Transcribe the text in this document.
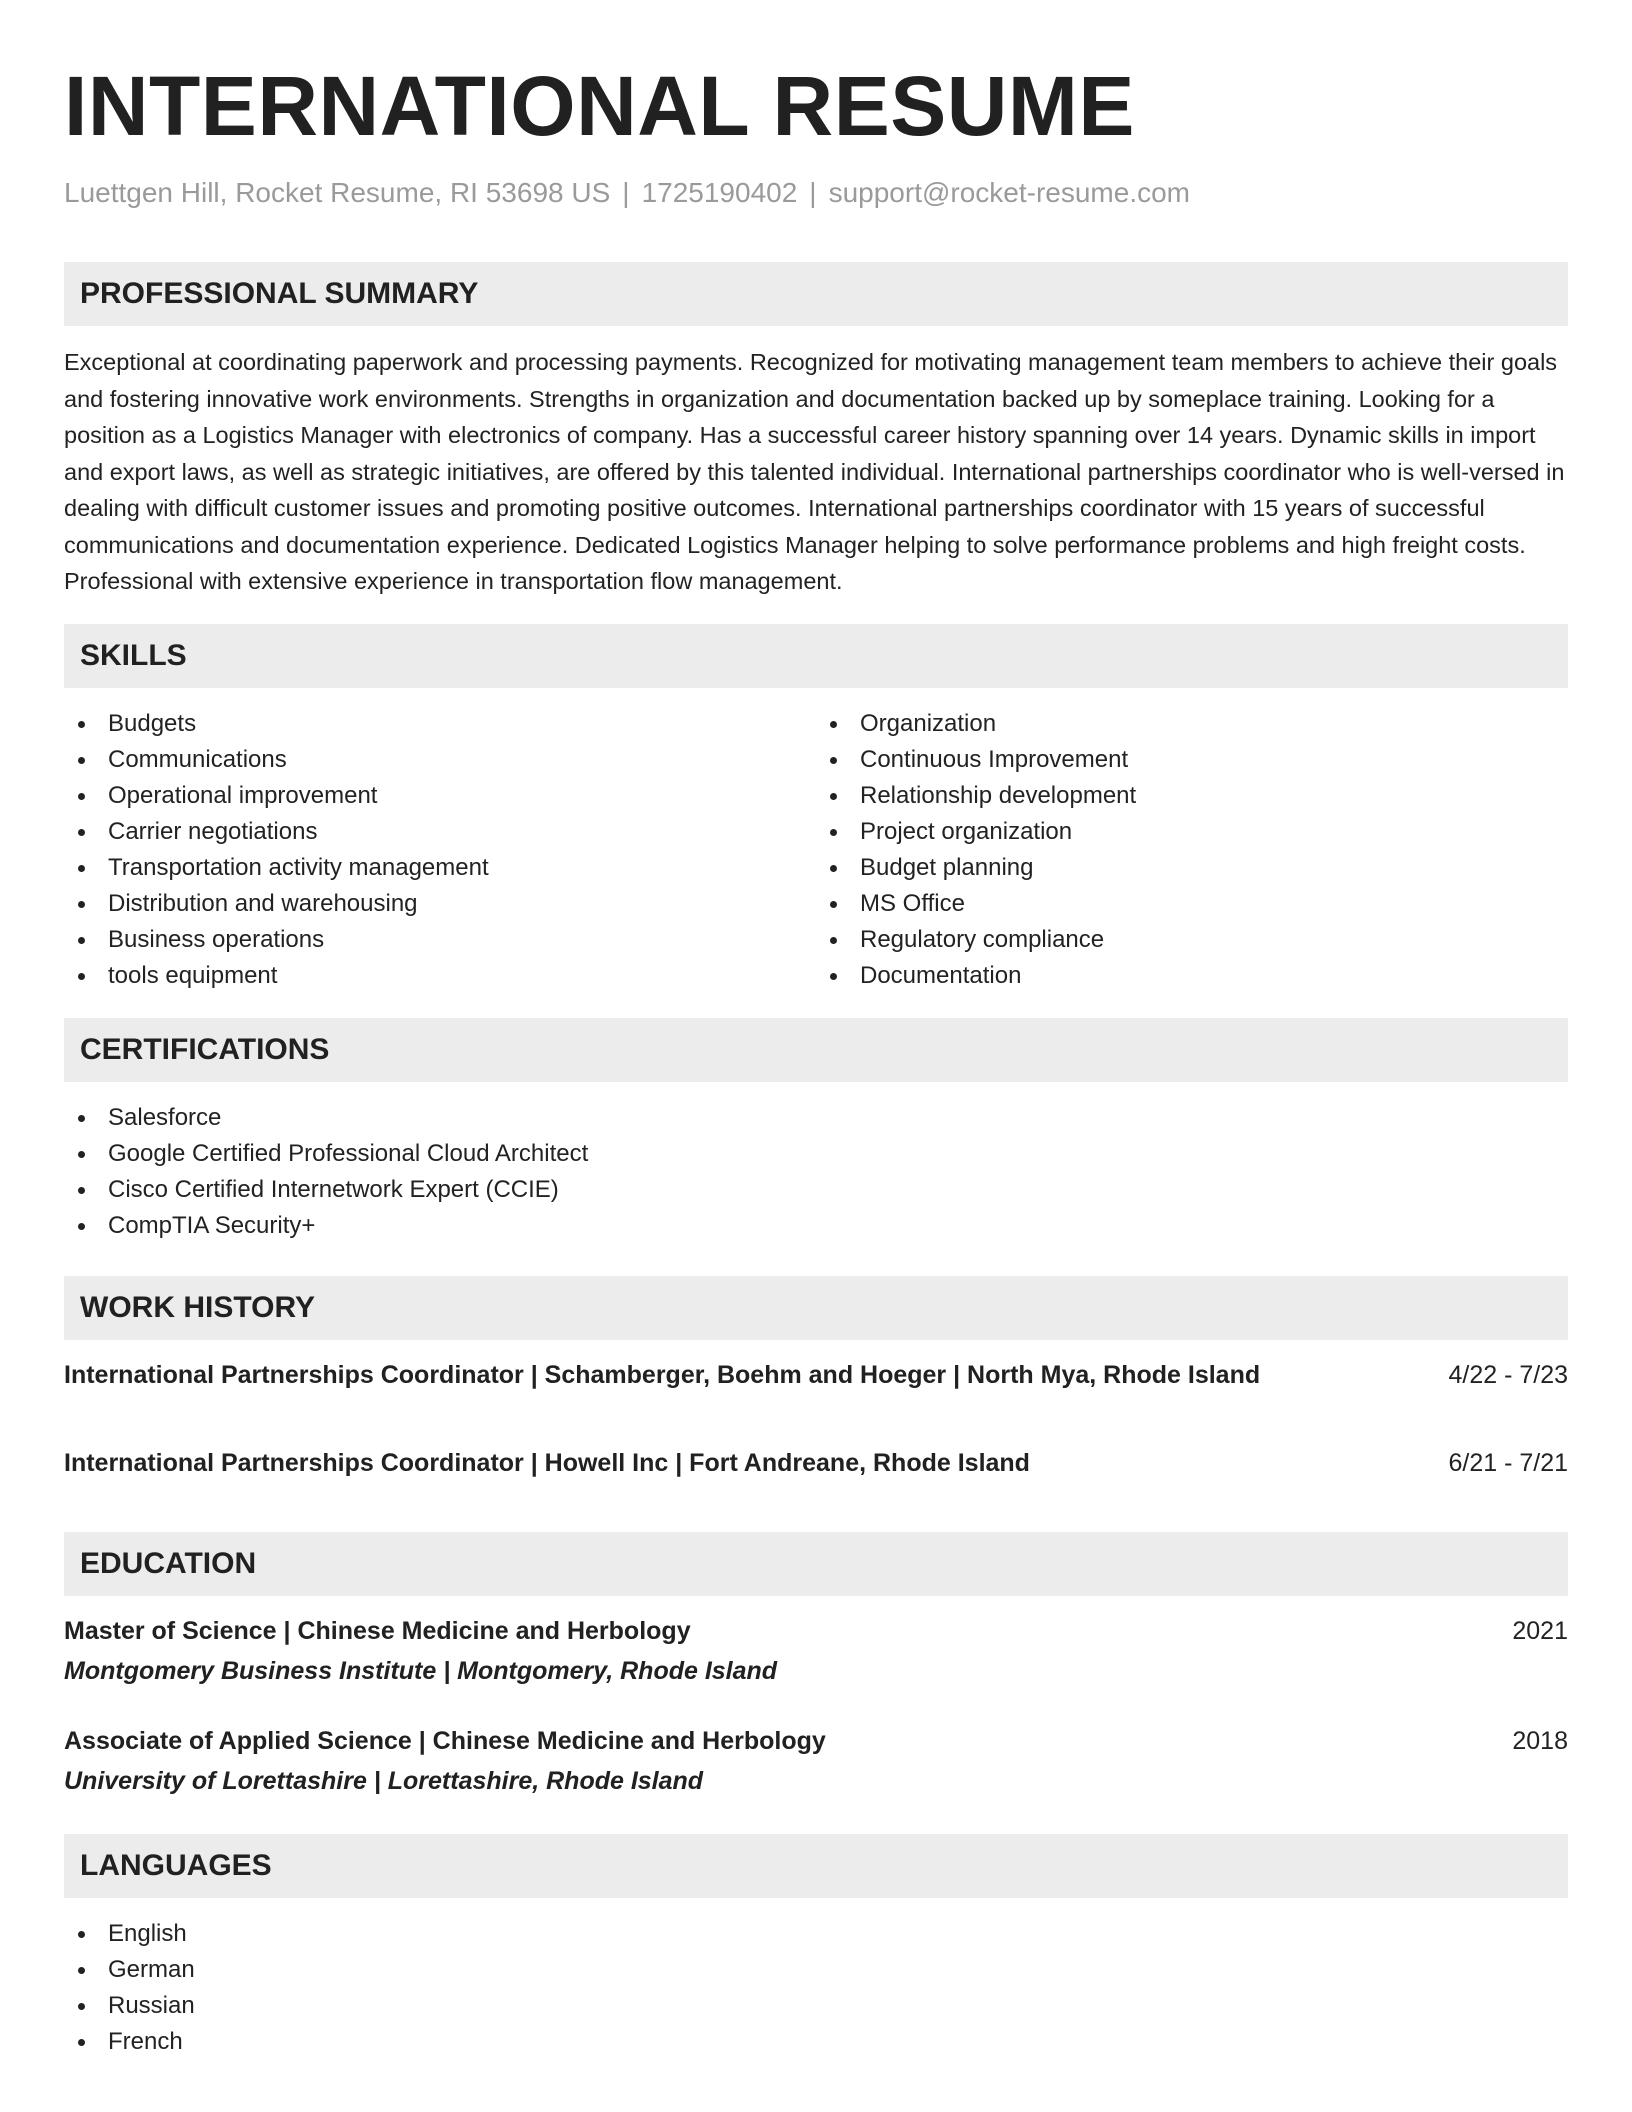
INTERNATIONAL RESUME
Luettgen Hill, Rocket Resume, RI 53698 US | 1725190402 | support@rocket-resume.com
PROFESSIONAL SUMMARY

Exceptional at coordinating paperwork and processing payments. Recognized for motivating management team members to achieve their goals and fostering innovative work environments. Strengths in organization and documentation backed up by someplace training. Looking for a position as a Logistics Manager with electronics of company. Has a successful career history spanning over 14 years. Dynamic skills in import and export laws, as well as strategic initiatives, are offered by this talented individual. International partnerships coordinator who is well-versed in dealing with difficult customer issues and promoting positive outcomes. International partnerships coordinator with 15 years of successful communications and documentation experience. Dedicated Logistics Manager helping to solve performance problems and high freight costs. Professional with extensive experience in transportation flow management.

SKILLS
Budgets
Communications
Operational improvement
Carrier negotiations
Transportation activity management
Distribution and warehousing
Business operations
tools equipment
Organization
Continuous Improvement
Relationship development
Project organization
Budget planning
MS Office
Regulatory compliance
Documentation
CERTIFICATIONS
Salesforce
Google Certified Professional Cloud Architect
Cisco Certified Internetwork Expert (CCIE)
CompTIA Security+
WORK HISTORY
International Partnerships Coordinator | Schamberger, Boehm and Hoeger | North Mya, Rhode Island	4/22 - 7/23
International Partnerships Coordinator | Howell Inc | Fort Andreane, Rhode Island	6/21 - 7/21
EDUCATION
Master of Science | Chinese Medicine and Herbology	2021
Montgomery Business Institute | Montgomery, Rhode Island
Associate of Applied Science | Chinese Medicine and Herbology	2018
University of Lorettashire | Lorettashire, Rhode Island
LANGUAGES
English
German
Russian
French
